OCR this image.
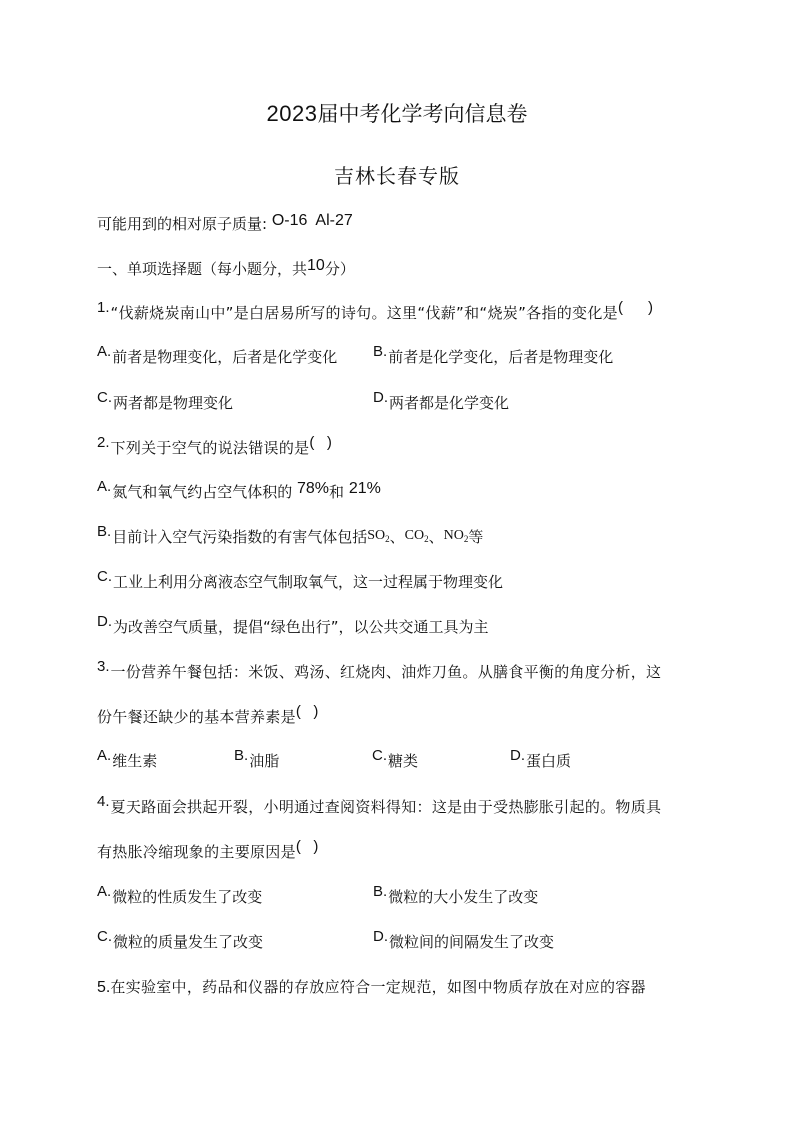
2023届中考化学考向信息卷
吉林长春专版
可能用到的相对原子质量: O-16  Al-27
一、单项选择题（每小题分，共10分）
1.“伐薪烧炭南山中”是白居易所写的诗句。这里“伐薪”和“烧炭”各指的变化是(      )
A.前者是物理变化，后者是化学变化 B.前者是化学变化，后者是物理变化
C.两者都是物理变化	D.两者都是化学变化
2.下列关于空气的说法错误的是(   )
A.氮气和氧气约占空气体积的 78%和 21%
B.目前计入空气污染指数的有害气体包括$SO_2$、$CO_2$、$NO_2$等
C.工业上利用分离液态空气制取氧气，这一过程属于物理变化
D.为改善空气质量，提倡“绿色出行”，以公共交通工具为主
3.一份营养午餐包括：米饭、鸡汤、红烧肉、油炸刀鱼。从膳食平衡的角度分析，这
份午餐还缺少的基本营养素是(   )
A.维生素	B.油脂	C.糖类	D.蛋白质
4.夏天路面会拱起开裂，小明通过查阅资料得知：这是由于受热膨胀引起的。物质具
有热胀冷缩现象的主要原因是(   )
A.微粒的性质发生了改变	B.微粒的大小发生了改变
C.微粒的质量发生了改变	D.微粒间的间隔发生了改变
5.在实验室中，药品和仪器的存放应符合一定规范，如图中物质存放在对应的容器
